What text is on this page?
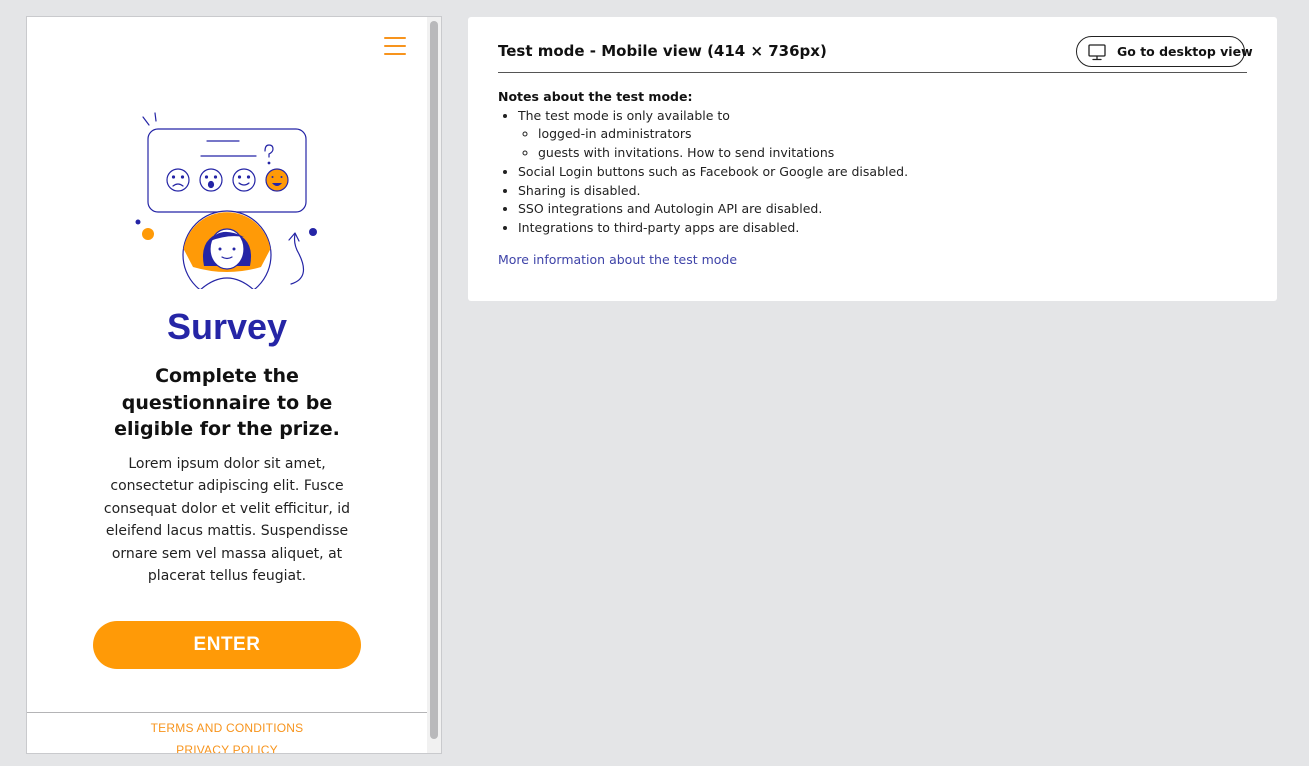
Survey
Complete the questionnaire to be eligible for the prize.
Lorem ipsum dolor sit amet, consectetur adipiscing elit. Fusce consequat dolor et velit efficitur, id eleifend lacus mattis. Suspendisse ornare sem vel massa aliquet, at placerat tellus feugiat.
ENTER
TERMS AND CONDITIONS
PRIVACY POLICY
Test mode - Mobile view (414 × 736px)	Go to desktop view
Notes about the test mode:
• The test mode is only available to
◦ logged-in administrators
◦ guests with invitations. How to send invitations
• Social Login buttons such as Facebook or Google are disabled.
• Sharing is disabled.
• SSO integrations and Autologin API are disabled.
• Integrations to third-party apps are disabled.
More information about the test mode
